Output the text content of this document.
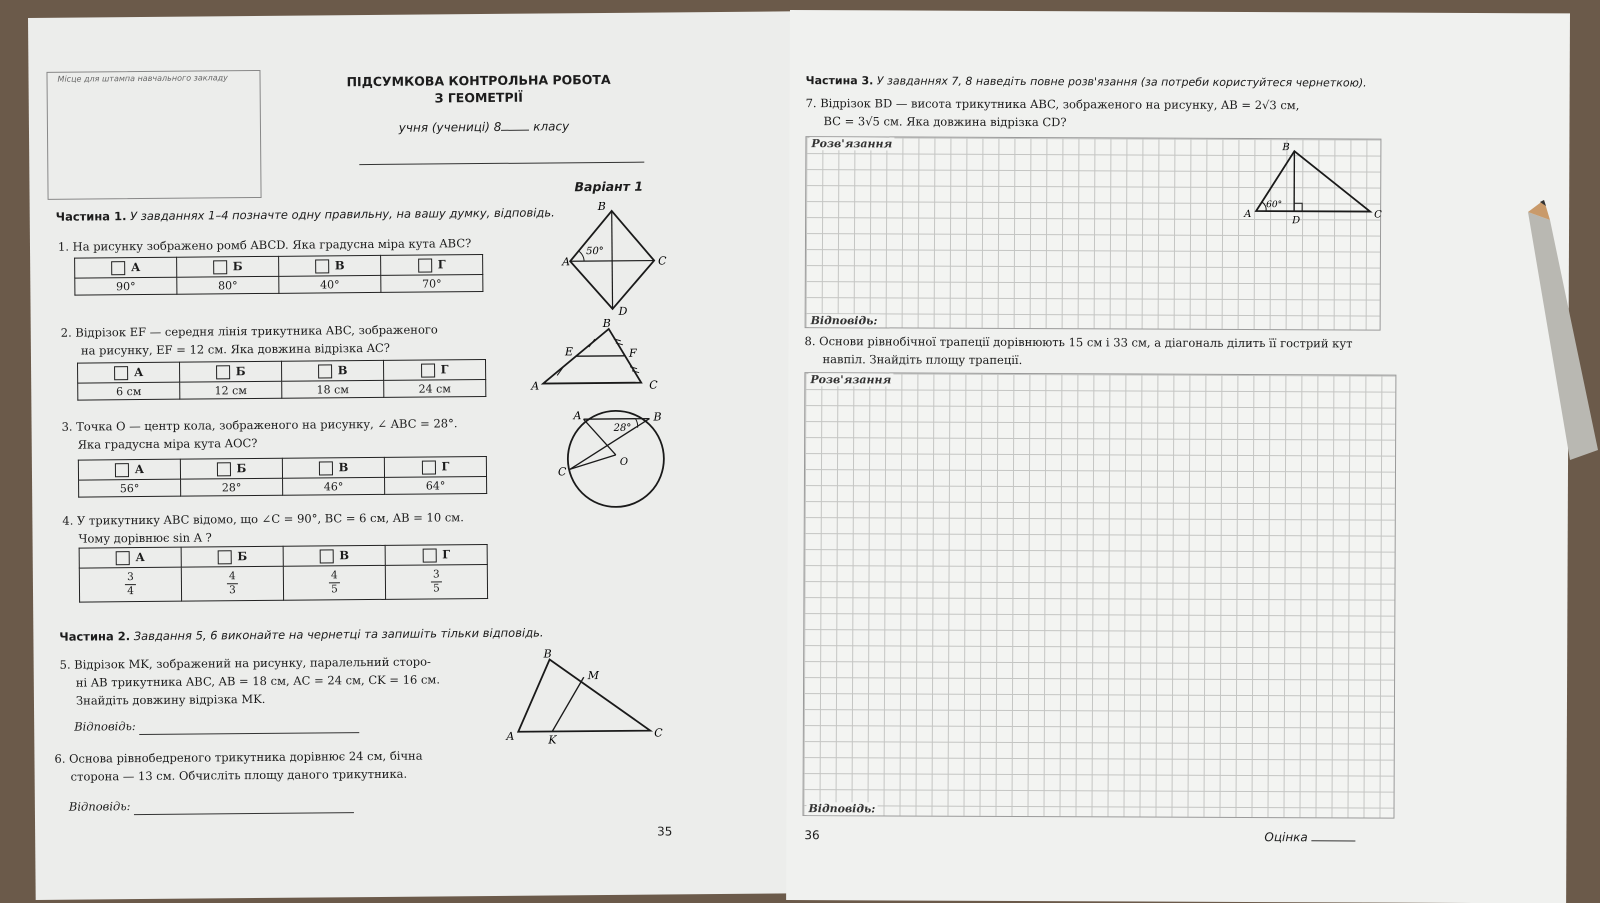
Місце для штампа навчального закладу	ПІДСУМКОВА КОНТРОЛЬНА РОБОТА
З ГЕОМЕТРІЇ
учня (учениці) 8	класу
Варіант 1
Частина 1. У завданнях 1–4 позначте одну правильну, на вашу думку, відповідь.
1. На рисунку зображено ромб ABCD. Яка градусна міра кута ABC?
А	Б	В	Г
90°	80°	40°	70°
B
A	C
D
50°
2. Відрізок EF — середня лінія трикутника ABC, зображеного
на рисунку, EF = 12 см. Яка довжина відрізка AC?
А	Б	В	Г
6 см	12 см	18 см	24 см
B
A	C
E	F
3. Точка O — центр кола, зображеного на рисунку, ∠ ABC = 28°.
Яка градусна міра кута AOC?
А	Б	В	Г
56°	28°	46°	64°
A	B
C
O
28°
4. У трикутнику ABC відомо, що ∠C = 90°, BC = 6 см, AB = 10 см.
Чому дорівнює sin A ?
А	Б	В	Г

$\frac{3}{4}$	$\frac{4}{3}$	$\frac{4}{5}$	$\frac{3}{5}$
Частина 2. Завдання 5, 6 виконайте на чернетці та запишіть тільки відповідь.
5. Відрізок MK, зображений на рисунку, паралельний сторо-
ні AB трикутника ABC, AB = 18 см, AC = 24 см, CK = 16 см.
Знайдіть довжину відрізка MK.
Відповідь:
B
A	C
K
M
6. Основа рівнобедреного трикутника дорівнює 24 см, бічна
сторона — 13 см. Обчисліть площу даного трикутника.
Відповідь:
35
Частина 3. У завданнях 7, 8 наведіть повне розв'язання (за потреби користуйтеся чернеткою).
7. Відрізок BD — висота трикутника ABC, зображеного на рисунку, AB = 2√3 см,
BC = 3√5 см. Яка довжина відрізка CD?
Розв'язання
Відповідь:
B
A	C
D
60°
8. Основи рівнобічної трапеції дорівнюють 15 см і 33 см, а діагональ ділить її гострий кут
навпіл. Знайдіть площу трапеції.
Розв'язання
Відповідь:
36	Оцінка
